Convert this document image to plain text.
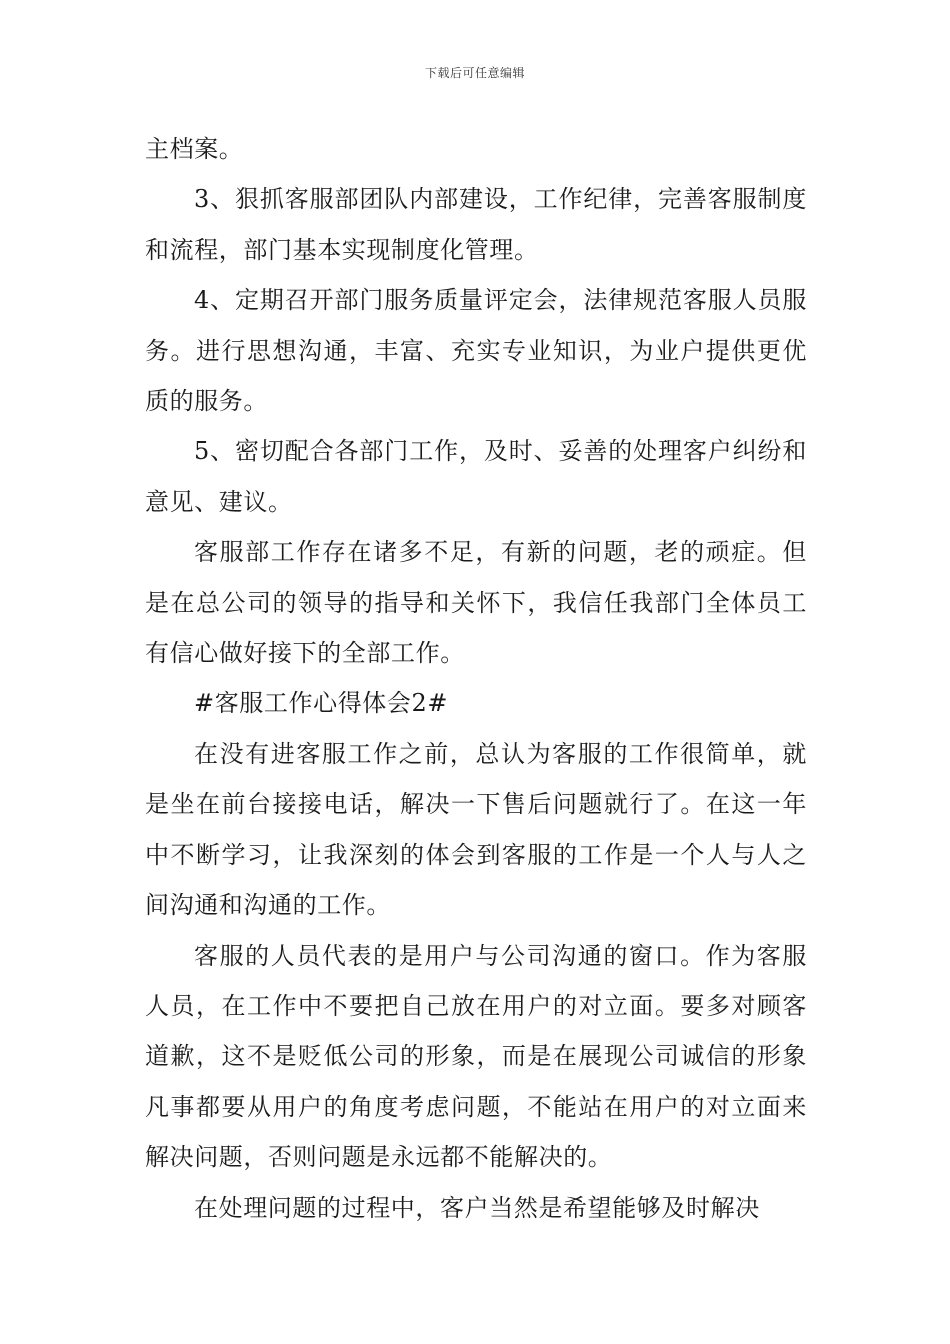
下载后可任意编辑

主档案。

3、狠抓客服部团队内部建设，工作纪律，完善客服制度和流程，部门基本实现制度化管理。

4、定期召开部门服务质量评定会，法律规范客服人员服务。进行思想沟通，丰富、充实专业知识，为业户提供更优质的服务。

5、密切配合各部门工作，及时、妥善的处理客户纠纷和意见、建议。

客服部工作存在诸多不足，有新的问题，老的顽症。但是在总公司的领导的指导和关怀下，我信任我部门全体员工有信心做好接下的全部工作。

#客服工作心得体会2#

在没有进客服工作之前，总认为客服的工作很简单，就是坐在前台接接电话，解决一下售后问题就行了。在这一年中不断学习，让我深刻的体会到客服的工作是一个人与人之间沟通和沟通的工作。

客服的人员代表的是用户与公司沟通的窗口。作为客服人员，在工作中不要把自己放在用户的对立面。要多对顾客道歉，这不是贬低公司的形象，而是在展现公司诚信的形象凡事都要从用户的角度考虑问题，不能站在用户的对立面来解决问题，否则问题是永远都不能解决的。

在处理问题的过程中，客户当然是希望能够及时解决
